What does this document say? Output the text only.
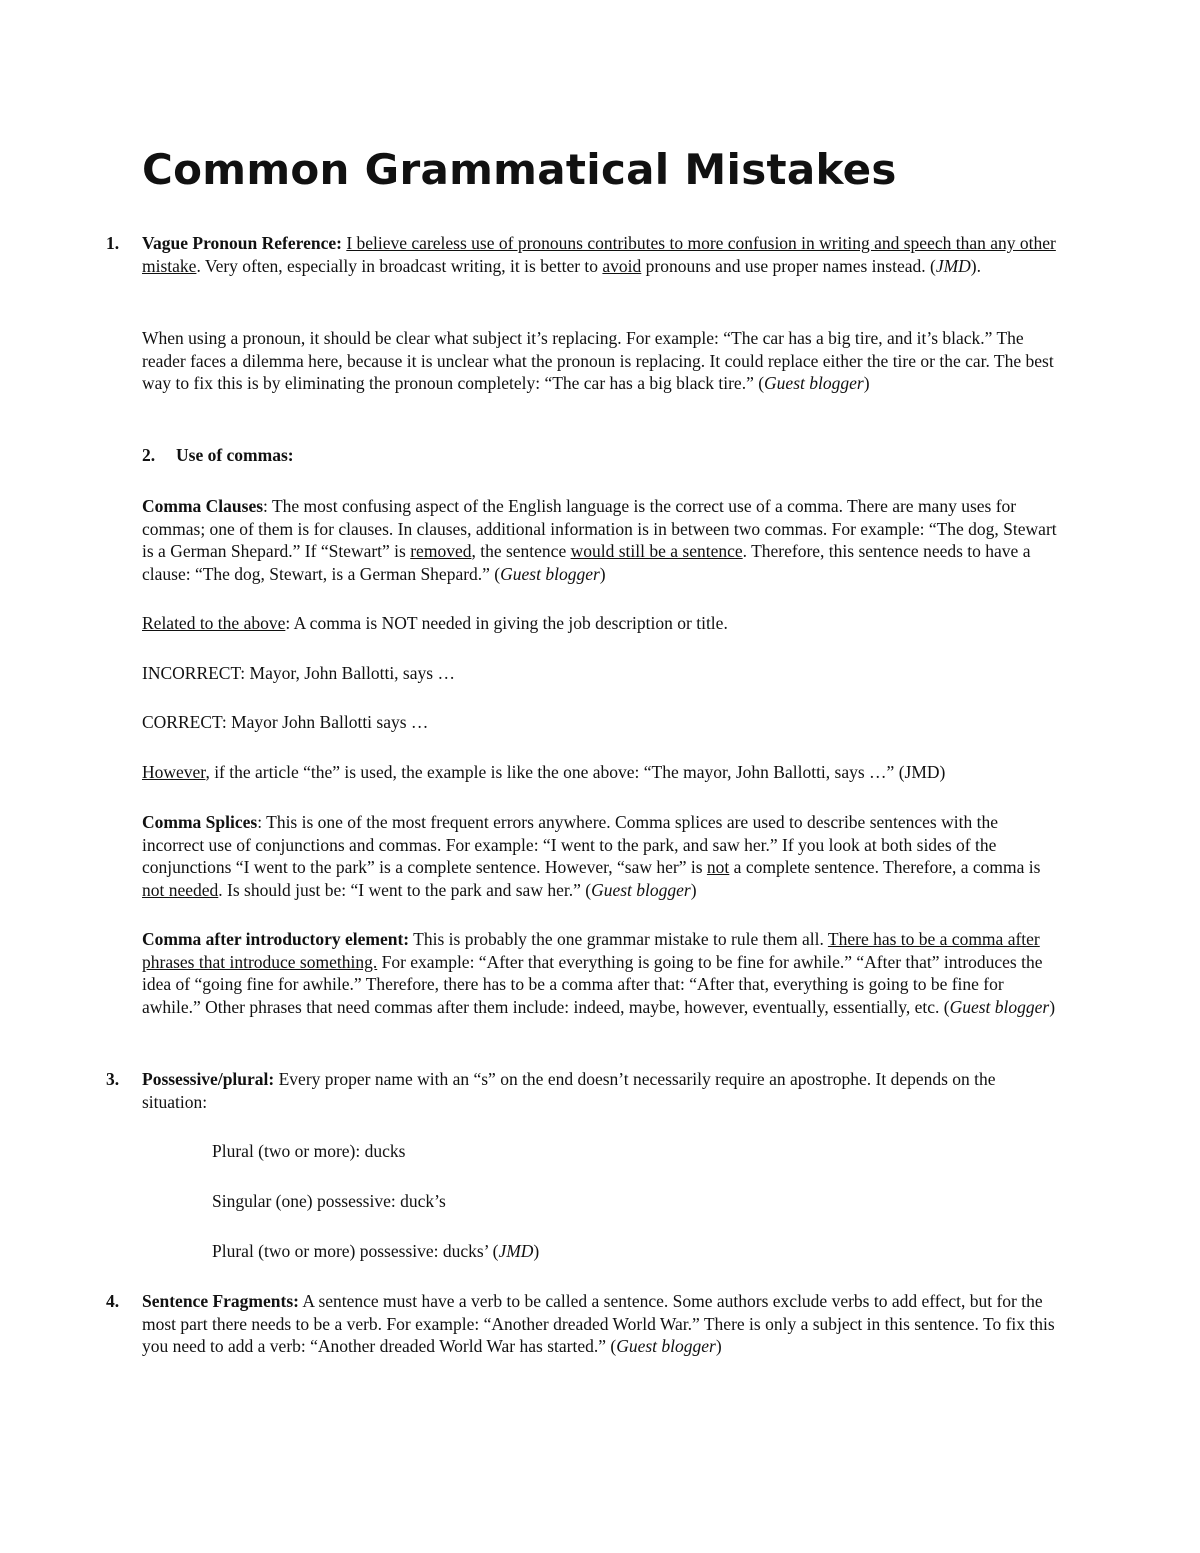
Common Grammatical Mistakes
1. Vague Pronoun Reference: I believe careless use of pronouns contributes to more confusion in writing and speech than any other mistake. Very often, especially in broadcast writing, it is better to avoid pronouns and use proper names instead. (JMD).

When using a pronoun, it should be clear what subject it’s replacing. For example: “The car has a big tire, and it’s black.” The reader faces a dilemma here, because it is unclear what the pronoun is replacing. It could replace either the tire or the car. The best way to fix this is by eliminating the pronoun completely: “The car has a big black tire.” (Guest blogger)

2. Use of commas:

Comma Clauses: The most confusing aspect of the English language is the correct use of a comma. There are many uses for commas; one of them is for clauses. In clauses, additional information is in between two commas. For example: “The dog, Stewart is a German Shepard.” If “Stewart” is removed, the sentence would still be a sentence. Therefore, this sentence needs to have a clause: “The dog, Stewart, is a German Shepard.” (Guest blogger)

Related to the above: A comma is NOT needed in giving the job description or title.

INCORRECT: Mayor, John Ballotti, says …

CORRECT: Mayor John Ballotti says …

However, if the article “the” is used, the example is like the one above: “The mayor, John Ballotti, says …” (JMD)

Comma Splices: This is one of the most frequent errors anywhere. Comma splices are used to describe sentences with the incorrect use of conjunctions and commas. For example: “I went to the park, and saw her.” If you look at both sides of the conjunctions “I went to the park” is a complete sentence. However, “saw her” is not a complete sentence. Therefore, a comma is not needed. Is should just be: “I went to the park and saw her.” (Guest blogger)

Comma after introductory element: This is probably the one grammar mistake to rule them all. There has to be a comma after phrases that introduce something. For example: “After that everything is going to be fine for awhile.” “After that” introduces the idea of “going fine for awhile.” Therefore, there has to be a comma after that: “After that, everything is going to be fine for awhile.” Other phrases that need commas after them include: indeed, maybe, however, eventually, essentially, etc. (Guest blogger)

3. Possessive/plural: Every proper name with an “s” on the end doesn’t necessarily require an apostrophe. It depends on the situation:

Plural (two or more): ducks

Singular (one) possessive: duck’s

Plural (two or more) possessive: ducks’ (JMD)

4. Sentence Fragments: A sentence must have a verb to be called a sentence. Some authors exclude verbs to add effect, but for the most part there needs to be a verb. For example: “Another dreaded World War.” There is only a subject in this sentence. To fix this you need to add a verb: “Another dreaded World War has started.” (Guest blogger)
